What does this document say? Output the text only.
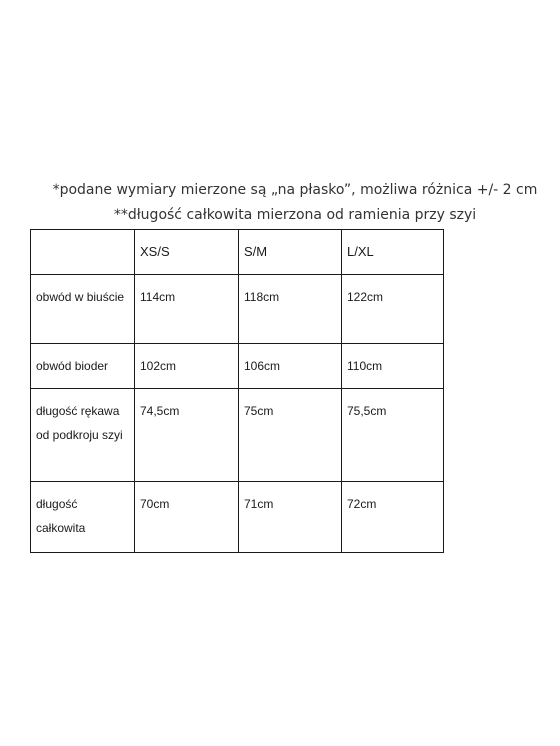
*podane wymiary mierzone są „na płasko”, możliwa różnica +/- 2 cm
**długość całkowita mierzona od ramienia przy szyi
	XS/S	S/M	L/XL
obwód w biuście	114cm	118cm	122cm
obwód bioder	102cm	106cm	110cm
długość rękawa od podkroju szyi	74,5cm	75cm	75,5cm
długość całkowita	70cm	71cm	72cm
